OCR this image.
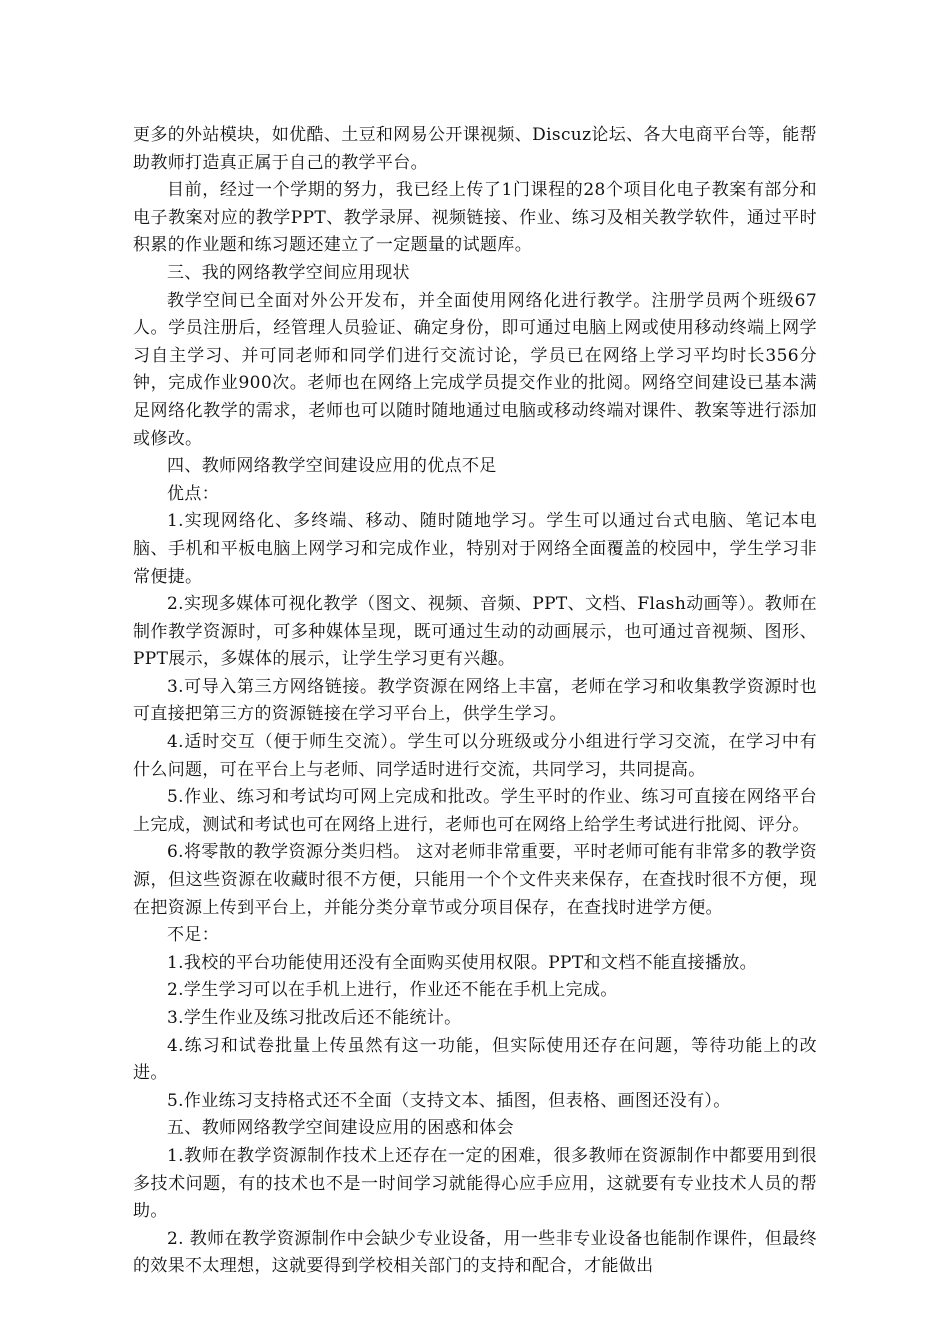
更多的外站模块，如优酷、土豆和网易公开课视频、Discuz论坛、各大电商平台等，能帮助教师打造真正属于自己的教学平台。

目前，经过一个学期的努力，我已经上传了1门课程的28个项目化电子教案有部分和电子教案对应的教学PPT、教学录屏、视频链接、作业、练习及相关教学软件，通过平时积累的作业题和练习题还建立了一定题量的试题库。

三、我的网络教学空间应用现状

教学空间已全面对外公开发布，并全面使用网络化进行教学。注册学员两个班级67人。学员注册后，经管理人员验证、确定身份，即可通过电脑上网或使用移动终端上网学习自主学习、并可同老师和同学们进行交流讨论，学员已在网络上学习平均时长356分钟，完成作业900次。老师也在网络上完成学员提交作业的批阅。网络空间建设已基本满足网络化教学的需求，老师也可以随时随地通过电脑或移动终端对课件、教案等进行添加或修改。

四、教师网络教学空间建设应用的优点不足

优点：

1.实现网络化、多终端、移动、随时随地学习。学生可以通过台式电脑、笔记本电脑、手机和平板电脑上网学习和完成作业，特别对于网络全面覆盖的校园中，学生学习非常便捷。

2.实现多媒体可视化教学（图文、视频、音频、PPT、文档、Flash动画等）。教师在制作教学资源时，可多种媒体呈现，既可通过生动的动画展示，也可通过音视频、图形、PPT展示，多媒体的展示，让学生学习更有兴趣。

3.可导入第三方网络链接。教学资源在网络上丰富，老师在学习和收集教学资源时也可直接把第三方的资源链接在学习平台上，供学生学习。

4.适时交互（便于师生交流）。学生可以分班级或分小组进行学习交流，在学习中有什么问题，可在平台上与老师、同学适时进行交流，共同学习，共同提高。

5.作业、练习和考试均可网上完成和批改。学生平时的作业、练习可直接在网络平台上完成，测试和考试也可在网络上进行，老师也可在网络上给学生考试进行批阅、评分。

6.将零散的教学资源分类归档。 这对老师非常重要，平时老师可能有非常多的教学资源，但这些资源在收藏时很不方便，只能用一个个文件夹来保存，在查找时很不方便，现在把资源上传到平台上，并能分类分章节或分项目保存，在查找时进学方便。

不足：

1.我校的平台功能使用还没有全面购买使用权限。PPT和文档不能直接播放。

2.学生学习可以在手机上进行，作业还不能在手机上完成。

3.学生作业及练习批改后还不能统计。

4.练习和试卷批量上传虽然有这一功能，但实际使用还存在问题，等待功能上的改进。

5.作业练习支持格式还不全面（支持文本、插图，但表格、画图还没有）。

五、教师网络教学空间建设应用的困惑和体会

1.教师在教学资源制作技术上还存在一定的困难，很多教师在资源制作中都要用到很多技术问题，有的技术也不是一时间学习就能得心应手应用，这就要有专业技术人员的帮助。

2. 教师在教学资源制作中会缺少专业设备，用一些非专业设备也能制作课件，但最终的效果不太理想，这就要得到学校相关部门的支持和配合，才能做出
